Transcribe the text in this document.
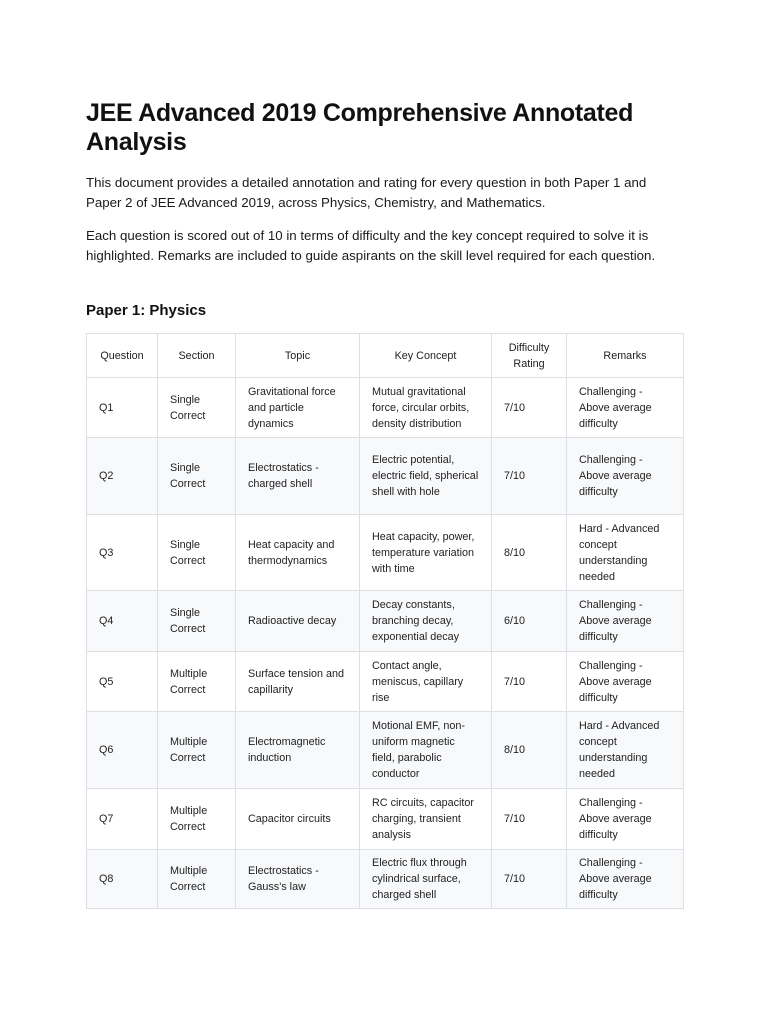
JEE Advanced 2019 Comprehensive Annotated Analysis

This document provides a detailed annotation and rating for every question in both Paper 1 and Paper 2 of JEE Advanced 2019, across Physics, Chemistry, and Mathematics.

Each question is scored out of 10 in terms of difficulty and the key concept required to solve it is highlighted. Remarks are included to guide aspirants on the skill level required for each question.

Paper 1: Physics
Question	Section	Topic	Key Concept	Difficulty Rating	Remarks
Q1	Single Correct	Gravitational force and particle dynamics	Mutual gravitational force, circular orbits, density distribution	7/10	Challenging - Above average difficulty
Q2	Single Correct	Electrostatics - charged shell	Electric potential, electric field, spherical shell with hole	7/10	Challenging - Above average difficulty
Q3	Single Correct	Heat capacity and thermodynamics	Heat capacity, power, temperature variation with time	8/10	Hard - Advanced concept understanding needed
Q4	Single Correct	Radioactive decay	Decay constants, branching decay, exponential decay	6/10	Challenging - Above average difficulty
Q5	Multiple Correct	Surface tension and capillarity	Contact angle, meniscus, capillary rise	7/10	Challenging - Above average difficulty
Q6	Multiple Correct	Electromagnetic induction	Motional EMF, non-uniform magnetic field, parabolic conductor	8/10	Hard - Advanced concept understanding needed
Q7	Multiple Correct	Capacitor circuits	RC circuits, capacitor charging, transient analysis	7/10	Challenging - Above average difficulty
Q8	Multiple Correct	Electrostatics - Gauss's law	Electric flux through cylindrical surface, charged shell	7/10	Challenging - Above average difficulty
